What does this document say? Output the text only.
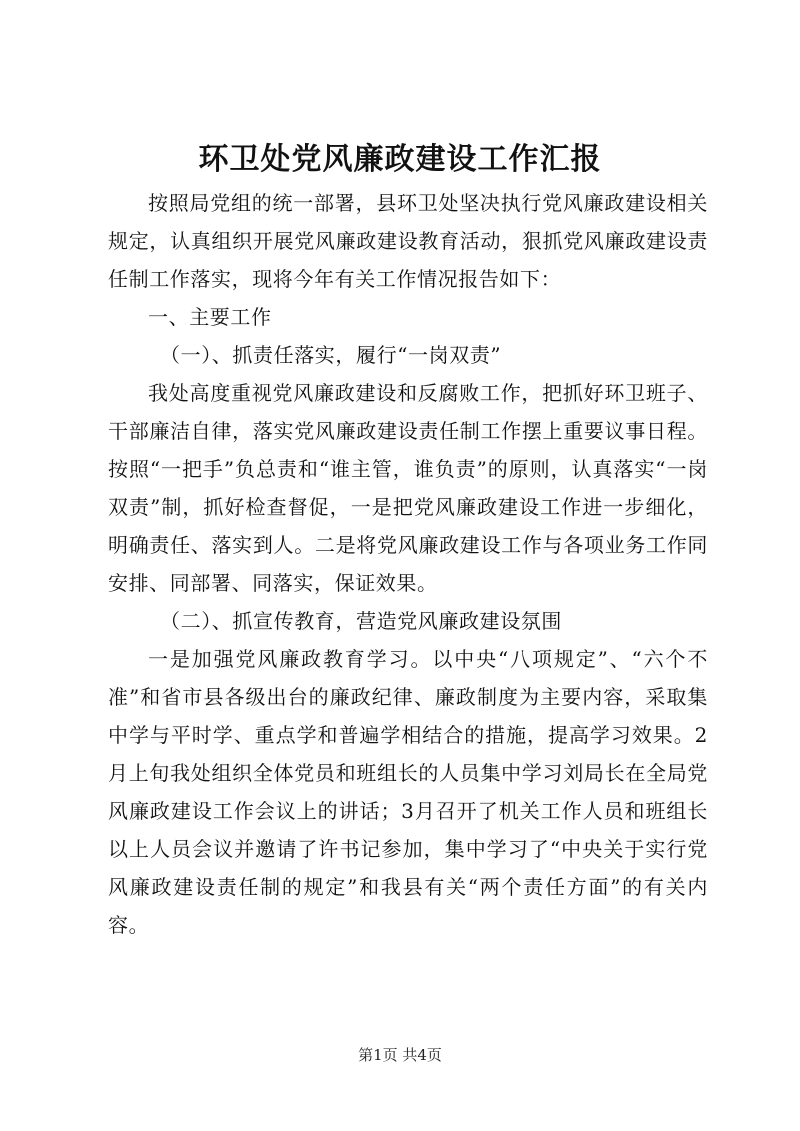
环卫处党风廉政建设工作汇报

按照局党组的统一部署，县环卫处坚决执行党风廉政建设相关规定，认真组织开展党风廉政建设教育活动，狠抓党风廉政建设责任制工作落实，现将今年有关工作情况报告如下：

一、主要工作

（一）、抓责任落实，履行“一岗双责”

我处高度重视党风廉政建设和反腐败工作，把抓好环卫班子、干部廉洁自律，落实党风廉政建设责任制工作摆上重要议事日程。按照“一把手”负总责和“谁主管，谁负责”的原则，认真落实“一岗双责”制，抓好检查督促，一是把党风廉政建设工作进一步细化，明确责任、落实到人。二是将党风廉政建设工作与各项业务工作同安排、同部署、同落实，保证效果。

（二）、抓宣传教育，营造党风廉政建设氛围

一是加强党风廉政教育学习。以中央“八项规定”、“六个不准”和省市县各级出台的廉政纪律、廉政制度为主要内容，采取集中学与平时学、重点学和普遍学相结合的措施，提高学习效果。2月上旬我处组织全体党员和班组长的人员集中学习刘局长在全局党风廉政建设工作会议上的讲话；3月召开了机关工作人员和班组长以上人员会议并邀请了许书记参加，集中学习了“中央关于实行党风廉政建设责任制的规定”和我县有关“两个责任方面”的有关内容。

第1页 共4页
